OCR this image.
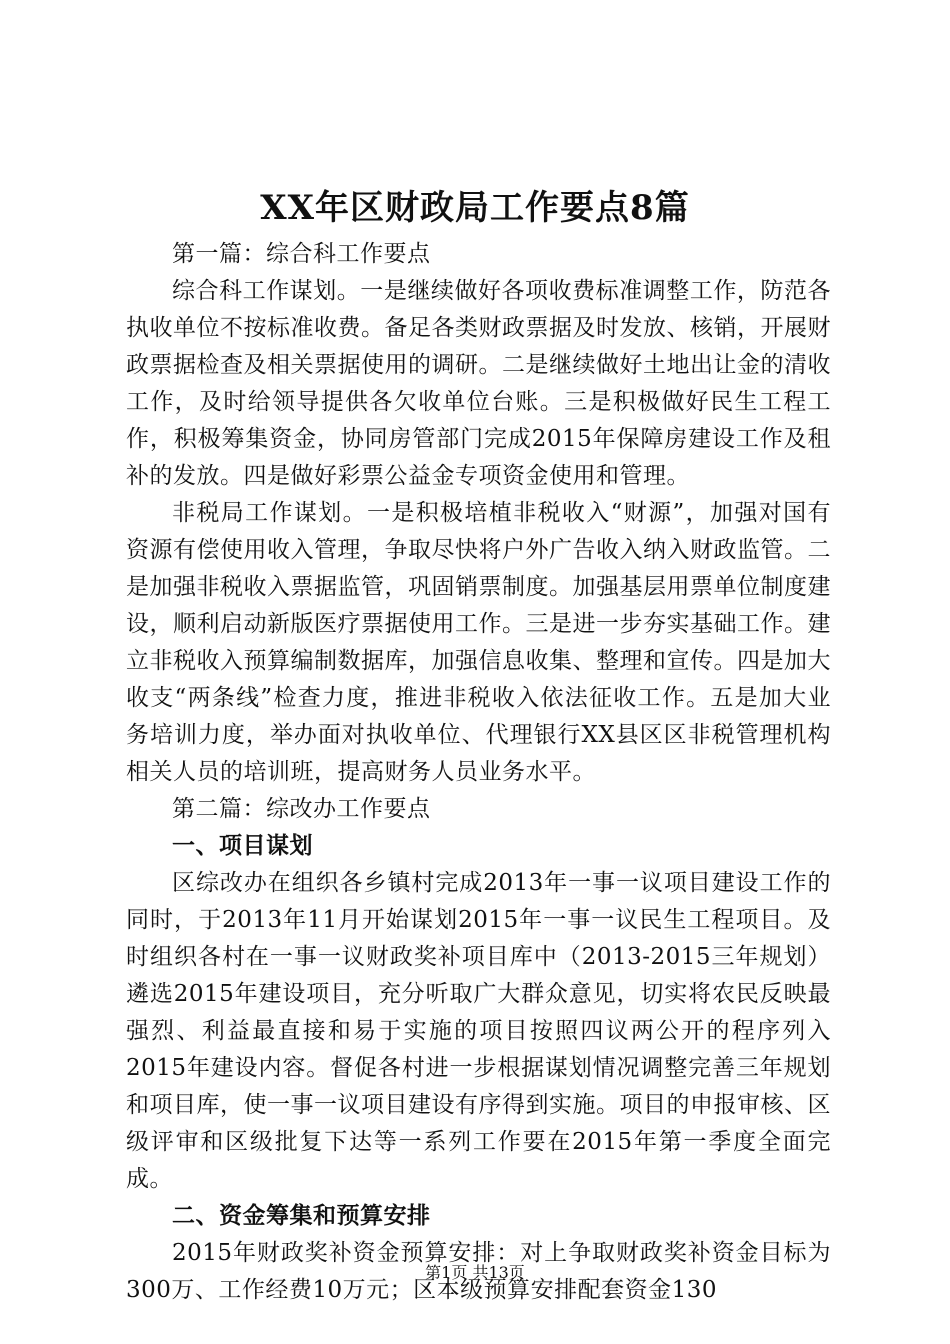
XX年区财政局工作要点8篇

第一篇：综合科工作要点

综合科工作谋划。一是继续做好各项收费标准调整工作，防范各执收单位不按标准收费。备足各类财政票据及时发放、核销，开展财政票据检查及相关票据使用的调研。二是继续做好土地出让金的清收工作，及时给领导提供各欠收单位台账。三是积极做好民生工程工作，积极筹集资金，协同房管部门完成2015年保障房建设工作及租补的发放。四是做好彩票公益金专项资金使用和管理。

非税局工作谋划。一是积极培植非税收入“财源”，加强对国有资源有偿使用收入管理，争取尽快将户外广告收入纳入财政监管。二是加强非税收入票据监管，巩固销票制度。加强基层用票单位制度建设，顺利启动新版医疗票据使用工作。三是进一步夯实基础工作。建立非税收入预算编制数据库，加强信息收集、整理和宣传。四是加大收支“两条线”检查力度，推进非税收入依法征收工作。五是加大业务培训力度，举办面对执收单位、代理银行XX县区区非税管理机构相关人员的培训班，提高财务人员业务水平。

第二篇：综改办工作要点

一、项目谋划

区综改办在组织各乡镇村完成2013年一事一议项目建设工作的同时，于2013年11月开始谋划2015年一事一议民生工程项目。及时组织各村在一事一议财政奖补项目库中（2013-2015三年规划）遴选2015年建设项目，充分听取广大群众意见，切实将农民反映最强烈、利益最直接和易于实施的项目按照四议两公开的程序列入2015年建设内容。督促各村进一步根据谋划情况调整完善三年规划和项目库，使一事一议项目建设有序得到实施。项目的申报审核、区级评审和区级批复下达等一系列工作要在2015年第一季度全面完成。

二、资金筹集和预算安排

2015年财政奖补资金预算安排：对上争取财政奖补资金目标为300万、工作经费10万元；区本级预算安排配套资金130

第1页 共13页
